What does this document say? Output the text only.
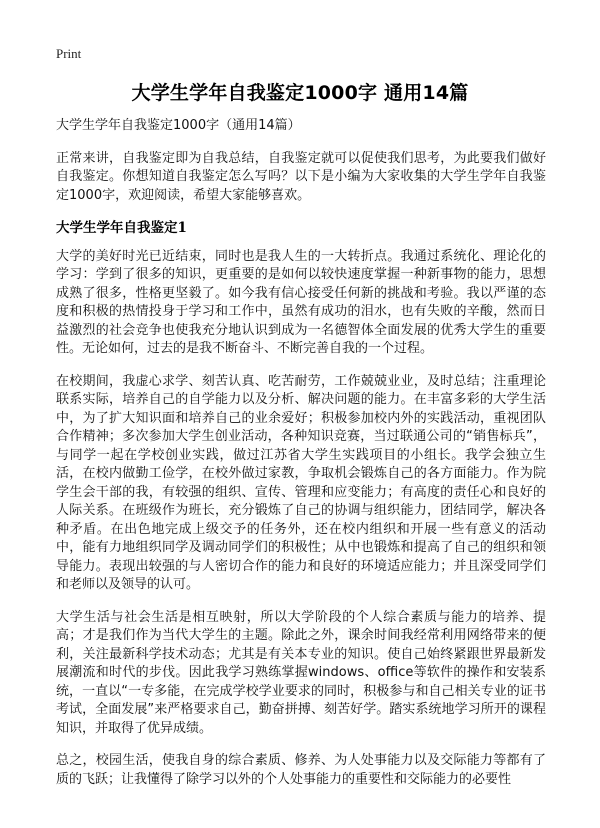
Print

大学生学年自我鉴定1000字 通用14篇

大学生学年自我鉴定1000字（通用14篇）

正常来讲，自我鉴定即为自我总结，自我鉴定就可以促使我们思考，为此要我们做好自我鉴定。你想知道自我鉴定怎么写吗？以下是小编为大家收集的大学生学年自我鉴定1000字，欢迎阅读，希望大家能够喜欢。

大学生学年自我鉴定1

大学的美好时光已近结束，同时也是我人生的一大转折点。我通过系统化、理论化的学习：学到了很多的知识，更重要的是如何以较快速度掌握一种新事物的能力，思想成熟了很多，性格更坚毅了。如今我有信心接受任何新的挑战和考验。我以严谨的态度和积极的热情投身于学习和工作中，虽然有成功的泪水，也有失败的辛酸，然而日益激烈的社会竞争也使我充分地认识到成为一名德智体全面发展的优秀大学生的重要性。无论如何，过去的是我不断奋斗、不断完善自我的一个过程。

在校期间，我虚心求学、刻苦认真、吃苦耐劳，工作兢兢业业，及时总结；注重理论联系实际，培养自己的自学能力以及分析、解决问题的能力。在丰富多彩的大学生活中，为了扩大知识面和培养自己的业余爱好；积极参加校内外的实践活动，重视团队合作精神；多次参加大学生创业活动，各种知识竞赛，当过联通公司的“销售标兵”，与同学一起在学校创业实践，做过江苏省大学生实践项目的小组长。我学会独立生活，在校内做勤工俭学，在校外做过家教，争取机会锻炼自己的各方面能力。作为院学生会干部的我，有较强的组织、宣传、管理和应变能力；有高度的责任心和良好的人际关系。在班级作为班长，充分锻炼了自己的协调与组织能力，团结同学，解决各种矛盾。在出色地完成上级交予的任务外，还在校内组织和开展一些有意义的活动中，能有力地组织同学及调动同学们的积极性；从中也锻炼和提高了自己的组织和领导能力。表现出较强的与人密切合作的能力和良好的环境适应能力；并且深受同学们和老师以及领导的认可。

大学生活与社会生活是相互映射，所以大学阶段的个人综合素质与能力的培养、提高；才是我们作为当代大学生的主题。除此之外，课余时间我经常利用网络带来的便利，关注最新科学技术动态；尤其是有关本专业的知识。使自己始终紧跟世界最新发展潮流和时代的步伐。因此我学习熟练掌握windows、office等软件的操作和安装系统，一直以“一专多能，在完成学校学业要求的同时，积极参与和自己相关专业的证书考试，全面发展”来严格要求自己，勤奋拼搏、刻苦好学。踏实系统地学习所开的课程知识，并取得了优异成绩。

总之，校园生活，使我自身的综合素质、修养、为人处事能力以及交际能力等都有了质的飞跃；让我懂得了除学习以外的个人处事能力的重要性和交际能力的必要性
